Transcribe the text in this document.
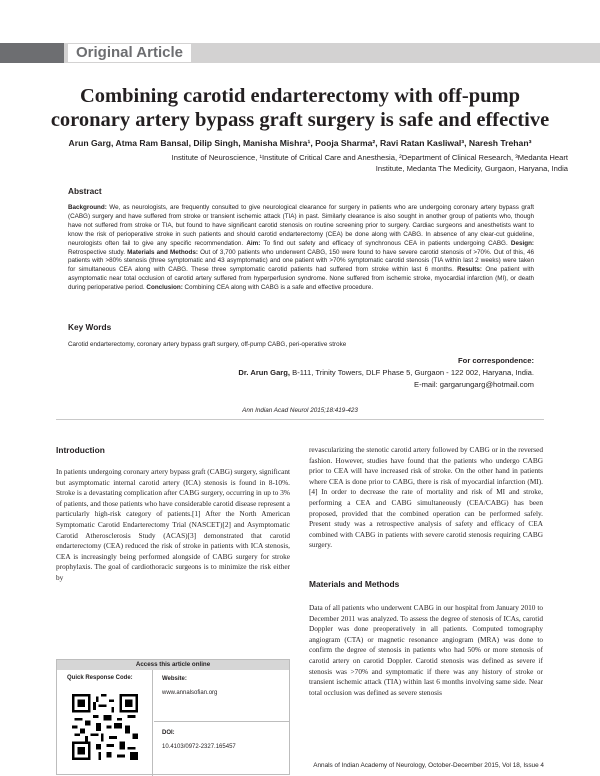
Original Article
Combining carotid endarterectomy with off-pump
coronary artery bypass graft surgery is safe and effective
Arun Garg, Atma Ram Bansal, Dilip Singh, Manisha Mishra¹, Pooja Sharma², Ravi Ratan Kasliwal³, Naresh Trehan³
Institute of Neuroscience, ¹Institute of Critical Care and Anesthesia, ²Department of Clinical Research, ³Medanta Heart
Institute, Medanta The Medicity, Gurgaon, Haryana, India
Abstract
Background: We, as neurologists, are frequently consulted to give neurological clearance for surgery in patients who are undergoing coronary artery bypass graft (CABG) surgery and have suffered from stroke or transient ischemic attack (TIA) in past. Similarly clearance is also sought in another group of patients who, though have not suffered from stroke or TIA, but found to have significant carotid stenosis on routine screening prior to surgery. Cardiac surgeons and anesthetists want to know the risk of perioperative stroke in such patients and should carotid endarterectomy (CEA) be done along with CABG. In absence of any clear-cut guideline, neurologists often fail to give any specific recommendation. Aim: To find out safety and efficacy of synchronous CEA in patients undergoing CABG. Design: Retrospective study. Materials and Methods: Out of 3,700 patients who underwent CABG, 150 were found to have severe carotid stenosis of >70%. Out of this, 46 patients with >80% stenosis (three symptomatic and 43 asymptomatic) and one patient with >70% symptomatic carotid stenosis (TIA within last 2 weeks) were taken for simultaneous CEA along with CABG. These three symptomatic carotid patients had suffered from stroke within last 6 months. Results: One patient with asymptomatic near total occlusion of carotid artery suffered from hyperperfusion syndrome. None suffered from ischemic stroke, myocardial infarction (MI), or death during perioperative period. Conclusion: Combining CEA along with CABG is a safe and effective procedure.
Key Words
Carotid endarterectomy, coronary artery bypass graft surgery, off-pump CABG, peri-operative stroke
For correspondence:
Dr. Arun Garg, B-111, Trinity Towers, DLF Phase 5, Gurgaon - 122 002, Haryana, India.
E-mail: gargarungarg@hotmail.com
Ann Indian Acad Neurol 2015;18:419-423
Introduction
In patients undergoing coronary artery bypass graft (CABG) surgery, significant but asymptomatic internal carotid artery (ICA) stenosis is found in 8-10%. Stroke is a devastating complication after CABG surgery, occurring in up to 3% of patients, and those patients who have considerable carotid disease represent a particularly high-risk category of patients.[1] After the North American Symptomatic Carotid Endarterectomy Trial (NASCET)[2] and Asymptomatic Carotid Atherosclerosis Study (ACAS)[3] demonstrated that carotid endarterectomy (CEA) reduced the risk of stroke in patients with ICA stenosis, CEA is increasingly being performed alongside of CABG surgery for stroke prophylaxis. The goal of cardiothoracic surgeons is to minimize the risk either by
revascularizing the stenotic carotid artery followed by CABG or in the reversed fashion. However, studies have found that the patients who undergo CABG prior to CEA will have increased risk of stroke. On the other hand in patients where CEA is done prior to CABG, there is risk of myocardial infarction (MI).[4] In order to decrease the rate of mortality and risk of MI and stroke, performing a CEA and CABG simultaneously (CEA/CABG) has been proposed, provided that the combined operation can be performed safely. Present study was a retrospective analysis of safety and efficacy of CEA combined with CABG in patients with severe carotid stenosis requiring CABG surgery.
Materials and Methods
Data of all patients who underwent CABG in our hospital from January 2010 to December 2011 was analyzed. To assess the degree of stenosis of ICAs, carotid Doppler was done preoperatively in all patients. Computed tomography angiogram (CTA) or magnetic resonance angiogram (MRA) was done to confirm the degree of stenosis in patients who had 50% or more stenosis of carotid artery on carotid Doppler. Carotid stenosis was defined as severe if stenosis was >70% and symptomatic if there was any history of stroke or transient ischemic attack (TIA) within last 6 months involving same side. Near total occlusion was defined as severe stenosis
Access this article online
Quick Response Code:	Website:
www.annalsofian.org
DOI:
10.4103/0972-2327.165457
Annals of Indian Academy of Neurology, October-December 2015, Vol 18, Issue 4
